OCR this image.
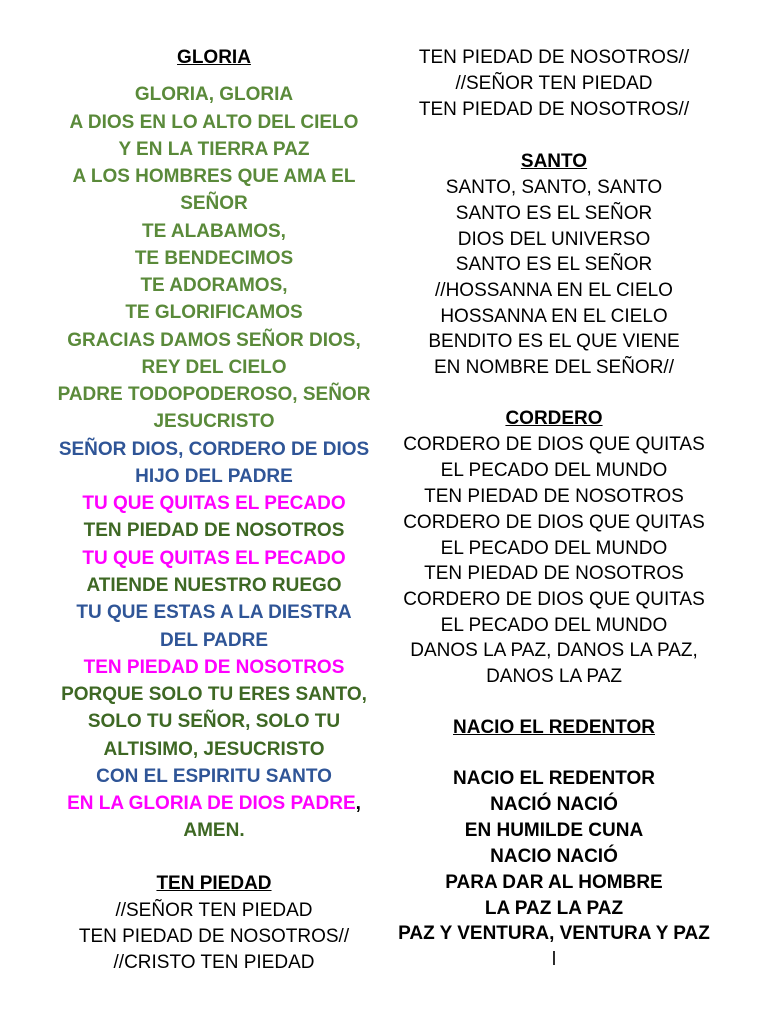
GLORIA
GLORIA, GLORIA
A DIOS EN LO ALTO DEL CIELO
Y EN LA TIERRA PAZ
A LOS HOMBRES QUE AMA EL
SEÑOR
TE ALABAMOS,
TE BENDECIMOS
TE ADORAMOS,
TE GLORIFICAMOS
GRACIAS DAMOS SEÑOR DIOS,
REY DEL CIELO
PADRE TODOPODEROSO, SEÑOR
JESUCRISTO
SEÑOR DIOS, CORDERO DE DIOS
HIJO DEL PADRE
TU QUE QUITAS EL PECADO
TEN PIEDAD DE NOSOTROS
TU QUE QUITAS EL PECADO
ATIENDE NUESTRO RUEGO
TU QUE ESTAS A LA DIESTRA
DEL PADRE
TEN PIEDAD DE NOSOTROS
PORQUE SOLO TU ERES SANTO,
SOLO TU SEÑOR, SOLO TU
ALTISIMO, JESUCRISTO
CON EL ESPIRITU SANTO
EN LA GLORIA DE DIOS PADRE,
AMEN.
TEN PIEDAD
//SEÑOR TEN PIEDAD
TEN PIEDAD DE NOSOTROS//
//CRISTO TEN PIEDAD
TEN PIEDAD DE NOSOTROS//
//SEÑOR TEN PIEDAD
TEN PIEDAD DE NOSOTROS//
SANTO
SANTO, SANTO, SANTO
SANTO ES EL SEÑOR
DIOS DEL UNIVERSO
SANTO ES EL SEÑOR
//HOSSANNA EN EL CIELO
HOSSANNA EN EL CIELO
BENDITO ES EL QUE VIENE
EN NOMBRE DEL SEÑOR//
CORDERO
CORDERO DE DIOS QUE QUITAS
EL PECADO DEL MUNDO
TEN PIEDAD DE NOSOTROS
CORDERO DE DIOS QUE QUITAS
EL PECADO DEL MUNDO
TEN PIEDAD DE NOSOTROS
CORDERO DE DIOS QUE QUITAS
EL PECADO DEL MUNDO
DANOS LA PAZ, DANOS LA PAZ,
DANOS LA PAZ
NACIO EL REDENTOR
NACIO EL REDENTOR
NACIÓ NACIÓ
EN HUMILDE CUNA
NACIO NACIÓ
PARA DAR AL HOMBRE
LA PAZ LA PAZ
PAZ Y VENTURA, VENTURA Y PAZ
l
